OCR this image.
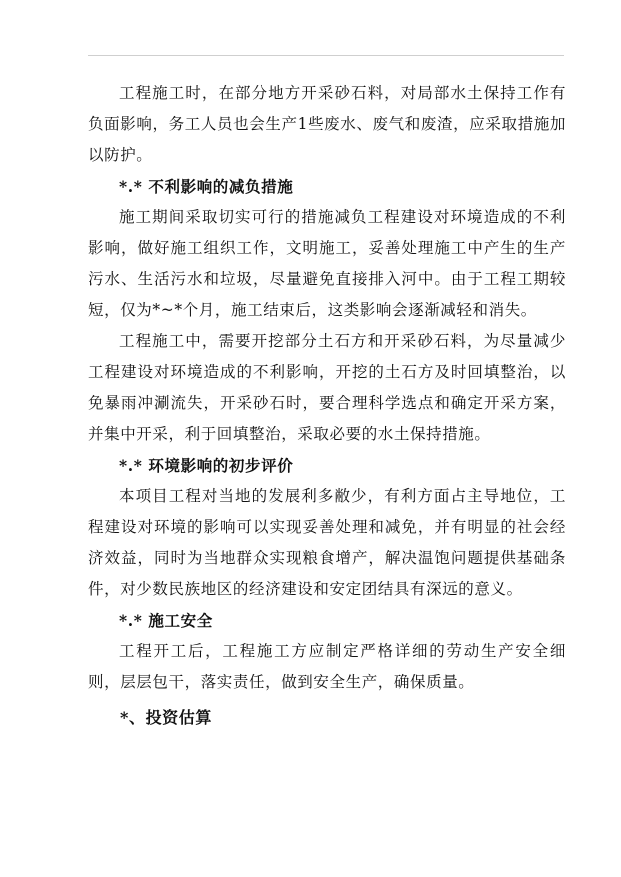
工程施工时，在部分地方开采砂石料，对局部水土保持工作有负面影响，务工人员也会生产1些废水、废气和废渣，应采取措施加以防护。

*.* 不利影响的减负措施

施工期间采取切实可行的措施减负工程建设对环境造成的不利影响，做好施工组织工作，文明施工，妥善处理施工中产生的生产污水、生活污水和垃圾，尽量避免直接排入河中。由于工程工期较短，仅为*~*个月，施工结束后，这类影响会逐渐减轻和消失。

工程施工中，需要开挖部分土石方和开采砂石料，为尽量减少工程建设对环境造成的不利影响，开挖的土石方及时回填整治，以免暴雨冲涮流失，开采砂石时，要合理科学选点和确定开采方案，并集中开采，利于回填整治，采取必要的水土保持措施。

*.* 环境影响的初步评价

本项目工程对当地的发展利多敝少，有利方面占主导地位，工程建设对环境的影响可以实现妥善处理和减免，并有明显的社会经济效益，同时为当地群众实现粮食增产，解决温饱问题提供基础条件，对少数民族地区的经济建设和安定团结具有深远的意义。

*.* 施工安全

工程开工后，工程施工方应制定严格详细的劳动生产安全细则，层层包干，落实责任，做到安全生产，确保质量。

*、投资估算
